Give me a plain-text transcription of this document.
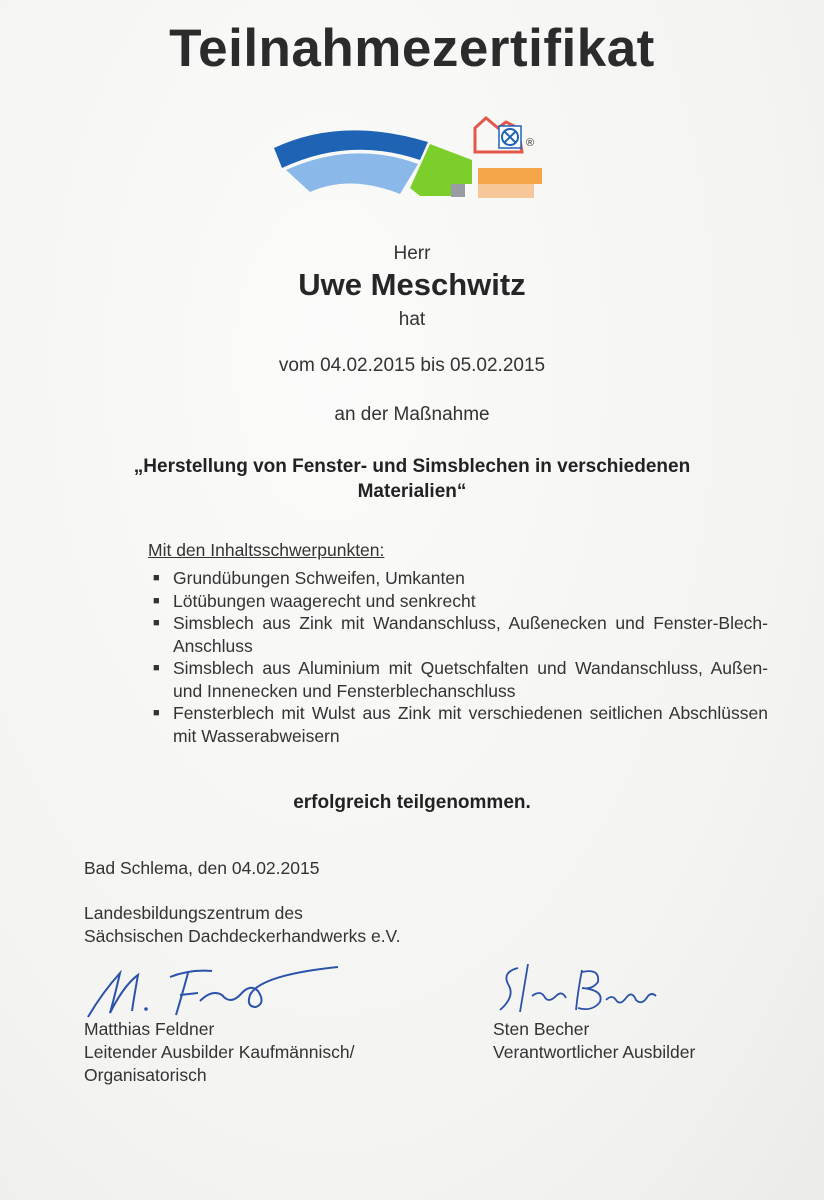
Teilnahmezertifikat
®
Herr
Uwe Meschwitz
hat
vom 04.02.2015 bis 05.02.2015
an der Maßnahme
„Herstellung von Fenster- und Simsblechen in verschiedenen
Materialien“
Mit den Inhaltsschwerpunkten:
■ Grundübungen Schweifen, Umkanten
■ Lötübungen waagerecht und senkrecht
■ Simsblech aus Zink mit Wandanschluss, Außenecken und Fenster-Blech-Anschluss
■ Simsblech aus Aluminium mit Quetschfalten und Wandanschluss, Außen- und Innenecken und Fensterblechanschluss
■ Fensterblech mit Wulst aus Zink mit verschiedenen seitlichen Abschlüssen mit Wasserabweisern
erfolgreich teilgenommen.
Bad Schlema, den 04.02.2015
Landesbildungszentrum des
Sächsischen Dachdeckerhandwerks e.V.
Matthias Feldner
Leitender Ausbilder Kaufmännisch/
Organisatorisch
Sten Becher
Verantwortlicher Ausbilder
